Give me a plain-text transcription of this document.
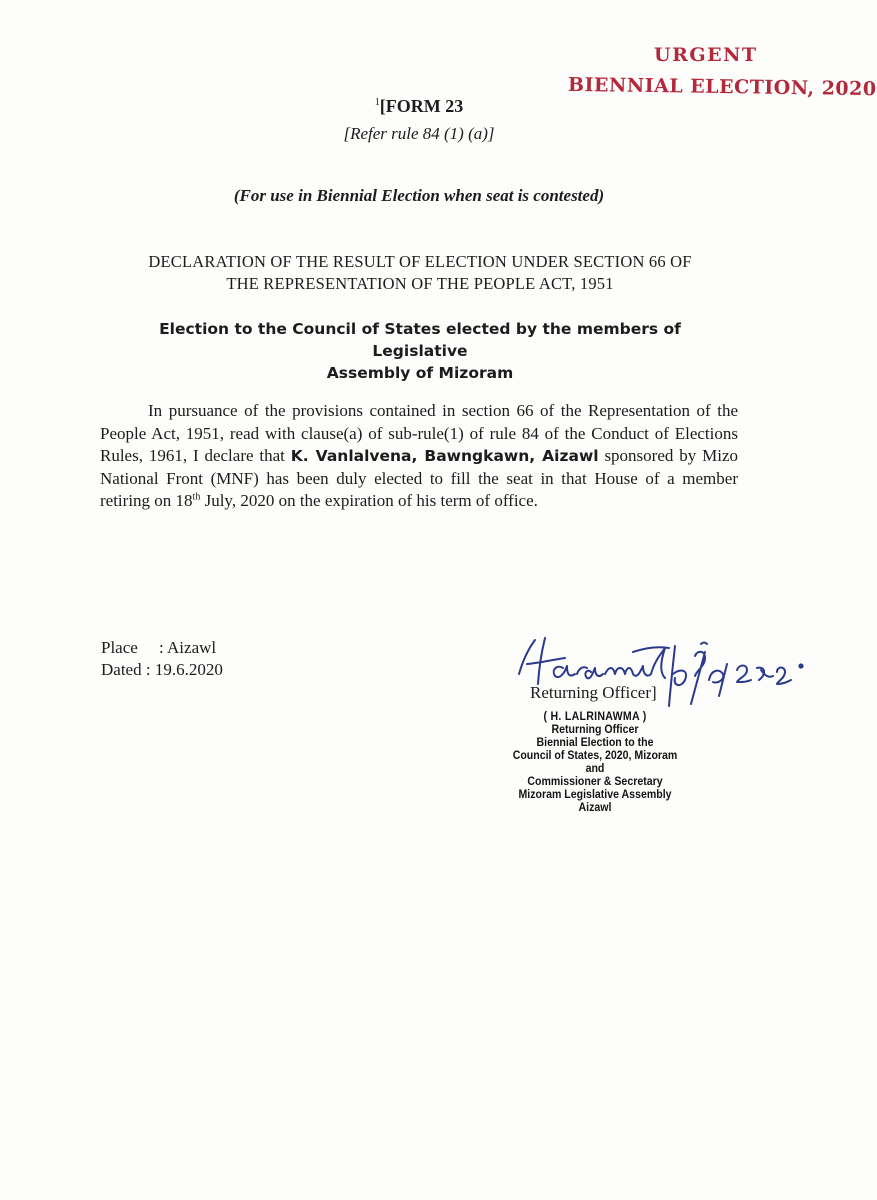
URGENT
BIENNIAL ELECTION, 2020
$^1$[FORM 23
[Refer rule 84 (1) (a)]
(For use in Biennial Election when seat is contested)
DECLARATION OF THE RESULT OF ELECTION UNDER SECTION 66 OF
THE REPRESENTATION OF THE PEOPLE ACT, 1951
Election to the Council of States elected by the members of Legislative
Assembly of Mizoram
In pursuance of the provisions contained in section 66 of the Representation of the People Act, 1951, read with clause(a) of sub-rule(1) of rule 84 of the Conduct of Elections Rules, 1961, I declare that K. Vanlalvena, Bawngkawn, Aizawl sponsored by Mizo National Front (MNF) has been duly elected to fill the seat in that House of a member retiring on 18th July, 2020 on the expiration of his term of office.
Place : Aizawl
Dated : 19.6.2020
Returning Officer]
( H. LALRINAWMA )
Returning Officer
Biennial Election to the
Council of States, 2020, Mizoram
and
Commissioner & Secretary
Mizoram Legislative Assembly
Aizawl
